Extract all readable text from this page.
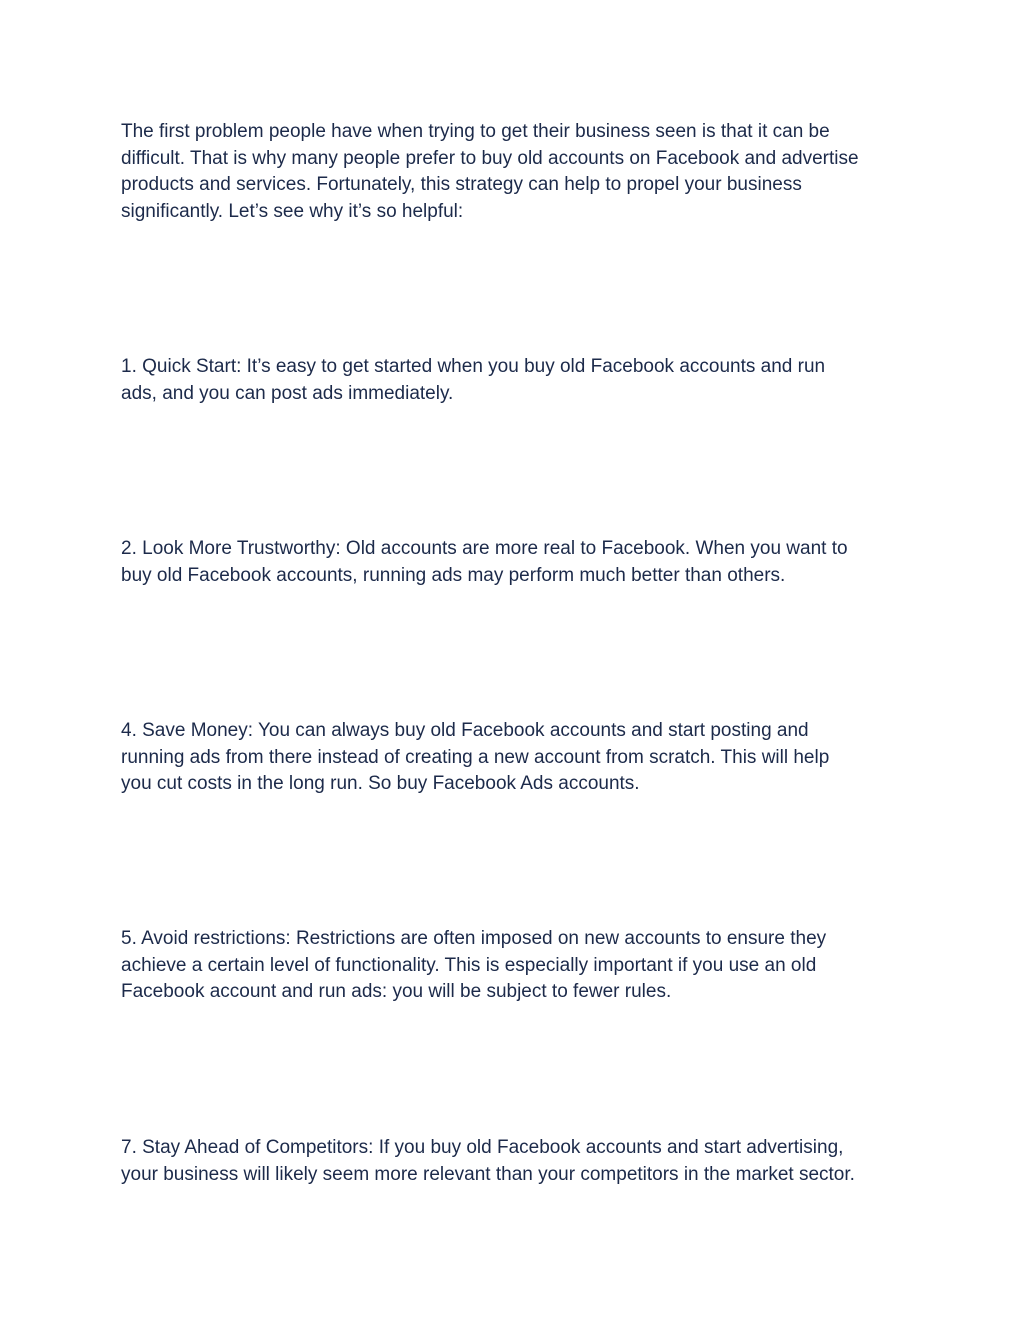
The first problem people have when trying to get their business seen is that it can be
difficult. That is why many people prefer to buy old accounts on Facebook and advertise
products and services. Fortunately, this strategy can help to propel your business
significantly. Let’s see why it’s so helpful:

1. Quick Start: It’s easy to get started when you buy old Facebook accounts and run
ads, and you can post ads immediately.

2. Look More Trustworthy: Old accounts are more real to Facebook. When you want to
buy old Facebook accounts, running ads may perform much better than others.

4. Save Money: You can always buy old Facebook accounts and start posting and
running ads from there instead of creating a new account from scratch. This will help
you cut costs in the long run. So buy Facebook Ads accounts.

5. Avoid restrictions: Restrictions are often imposed on new accounts to ensure they
achieve a certain level of functionality. This is especially important if you use an old
Facebook account and run ads: you will be subject to fewer rules.

7. Stay Ahead of Competitors: If you buy old Facebook accounts and start advertising,
your business will likely seem more relevant than your competitors in the market sector.
